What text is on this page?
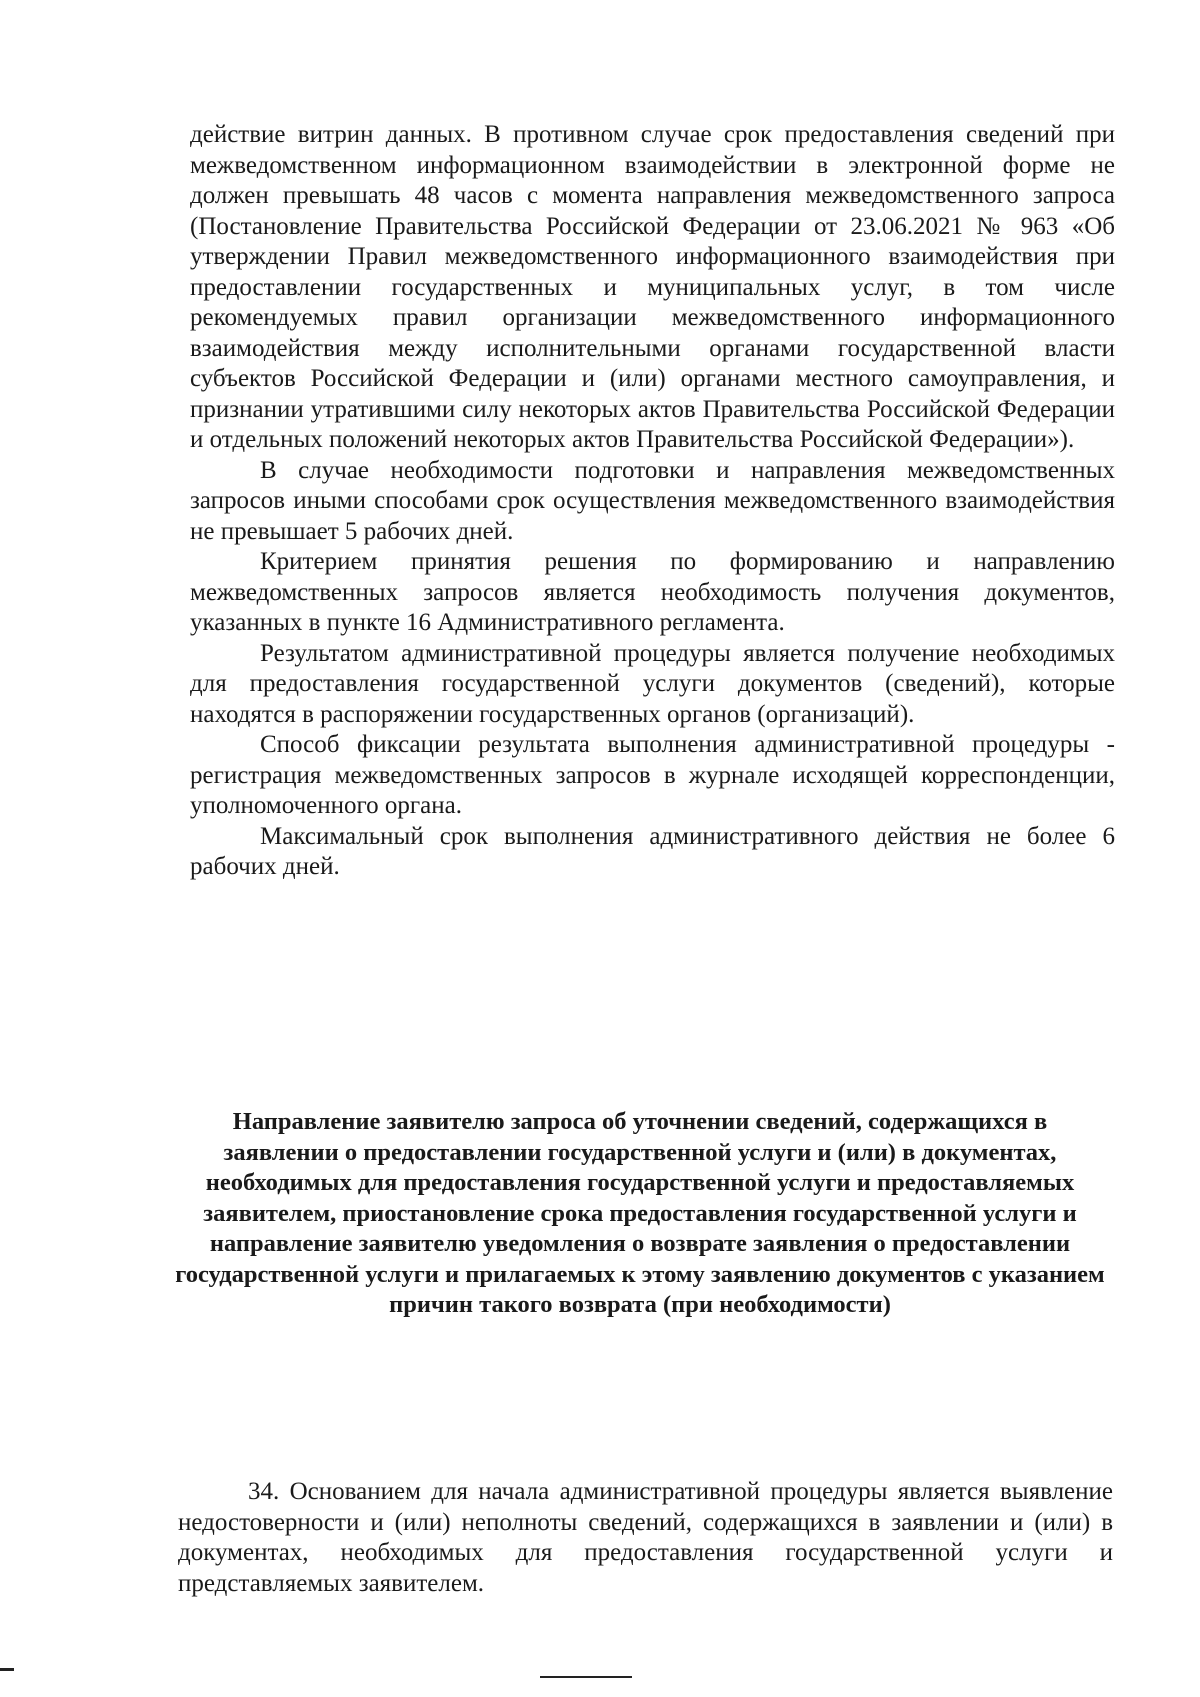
действие витрин данных. В противном случае срок предоставления сведений при межведомственном информационном взаимодействии в электронной форме не должен превышать 48 часов с момента направления межведомственного запроса (Постановление Правительства Российской Федерации от 23.06.2021 № 963 «Об утверждении Правил межведомственного информационного взаимодействия при предоставлении государственных и муниципальных услуг, в том числе рекомендуемых правил организации межведомственного информационного взаимодействия между исполнительными органами государственной власти субъектов Российской Федерации и (или) органами местного самоуправления, и признании утратившими силу некоторых актов Правительства Российской Федерации и отдельных положений некоторых актов Правительства Российской Федерации»).

В случае необходимости подготовки и направления межведомственных запросов иными способами срок осуществления межведомственного взаимодействия не превышает 5 рабочих дней.

Критерием принятия решения по формированию и направлению межведомственных запросов является необходимость получения документов, указанных в пункте 16 Административного регламента.

Результатом административной процедуры является получение необходимых для предоставления государственной услуги документов (сведений), которые находятся в распоряжении государственных органов (организаций).

Способ фиксации результата выполнения административной процедуры - регистрация межведомственных запросов в журнале исходящей корреспонденции, уполномоченного органа.

Максимальный срок выполнения административного действия не более 6 рабочих дней.

Направление заявителю запроса об уточнении сведений, содержащихся в заявлении о предоставлении государственной услуги и (или) в документах, необходимых для предоставления государственной услуги и предоставляемых заявителем, приостановление срока предоставления государственной услуги и направление заявителю уведомления о возврате заявления о предоставлении государственной услуги и прилагаемых к этому заявлению документов с указанием причин такого возврата (при необходимости)

34. Основанием для начала административной процедуры является выявление недостоверности и (или) неполноты сведений, содержащихся в заявлении и (или) в документах, необходимых для предоставления государственной услуги и представляемых заявителем.
